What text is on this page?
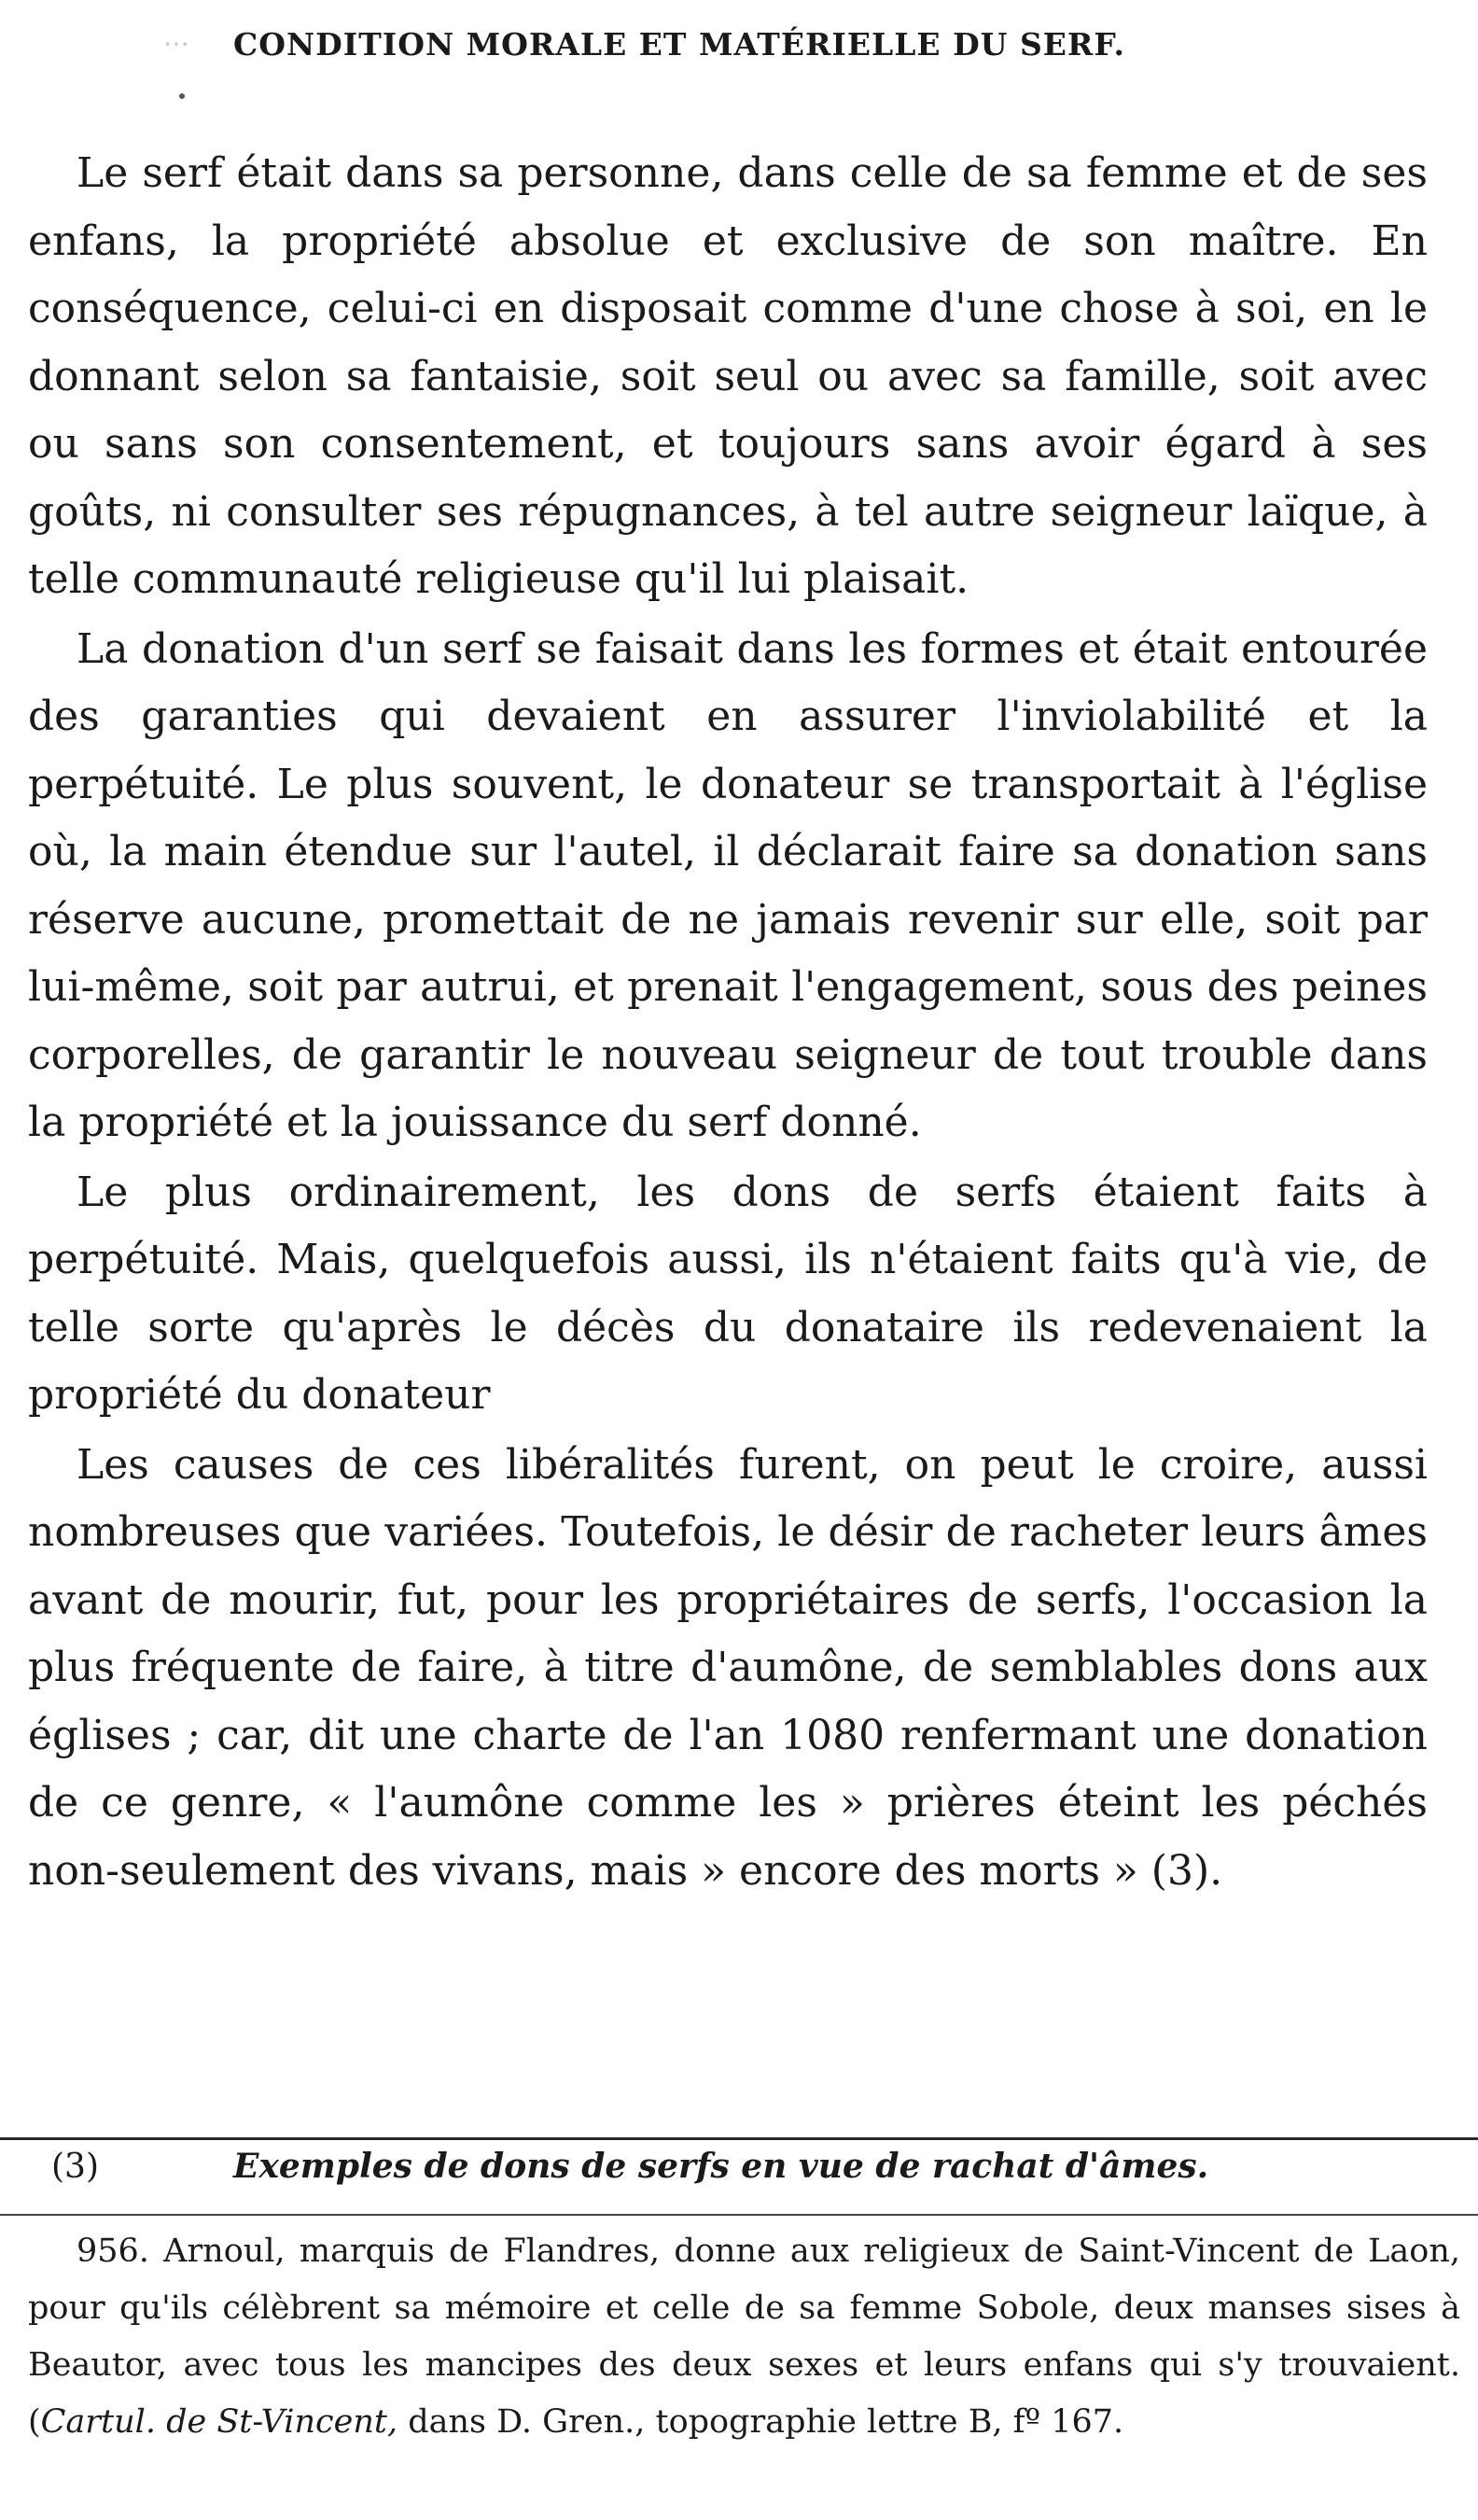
⋯	CONDITION MORALE ET MATÉRIELLE DU SERF.

Le serf était dans sa personne, dans celle de sa femme et de ses enfans, la propriété absolue et exclusive de son maître. En conséquence, celui-ci en disposait comme d'une chose à soi, en le donnant selon sa fantaisie, soit seul ou avec sa famille, soit avec ou sans son consentement, et toujours sans avoir égard à ses goûts, ni consulter ses répugnances, à tel autre seigneur laïque, à telle communauté religieuse qu'il lui plaisait.

La donation d'un serf se faisait dans les formes et était entourée des garanties qui devaient en assurer l'inviolabilité et la perpétuité. Le plus souvent, le donateur se transportait à l'église où, la main étendue sur l'autel, il déclarait faire sa donation sans réserve aucune, promettait de ne jamais revenir sur elle, soit par lui-même, soit par autrui, et prenait l'engagement, sous des peines corporelles, de garantir le nouveau seigneur de tout trouble dans la propriété et la jouissance du serf donné.

Le plus ordinairement, les dons de serfs étaient faits à perpétuité. Mais, quelquefois aussi, ils n'étaient faits qu'à vie, de telle sorte qu'après le décès du donataire ils redevenaient la propriété du donateur

Les causes de ces libéralités furent, on peut le croire, aussi nombreuses que variées. Toutefois, le désir de racheter leurs âmes avant de mourir, fut, pour les propriétaires de serfs, l'occasion la plus fréquente de faire, à titre d'aumône, de semblables dons aux églises ; car, dit une charte de l'an 1080 renfermant une donation de ce genre, « l'aumône comme les » prières éteint les péchés non-seulement des vivans, mais » encore des morts » (3).

(3)	Exemples de dons de serfs en vue de rachat d'âmes.

956. Arnoul, marquis de Flandres, donne aux religieux de Saint-Vincent de Laon, pour qu'ils célèbrent sa mémoire et celle de sa femme Sobole, deux manses sises à Beautor, avec tous les mancipes des deux sexes et leurs enfans qui s'y trouvaient. (Cartul. de St-Vincent, dans D. Gren., topographie lettre B, fº 167.
